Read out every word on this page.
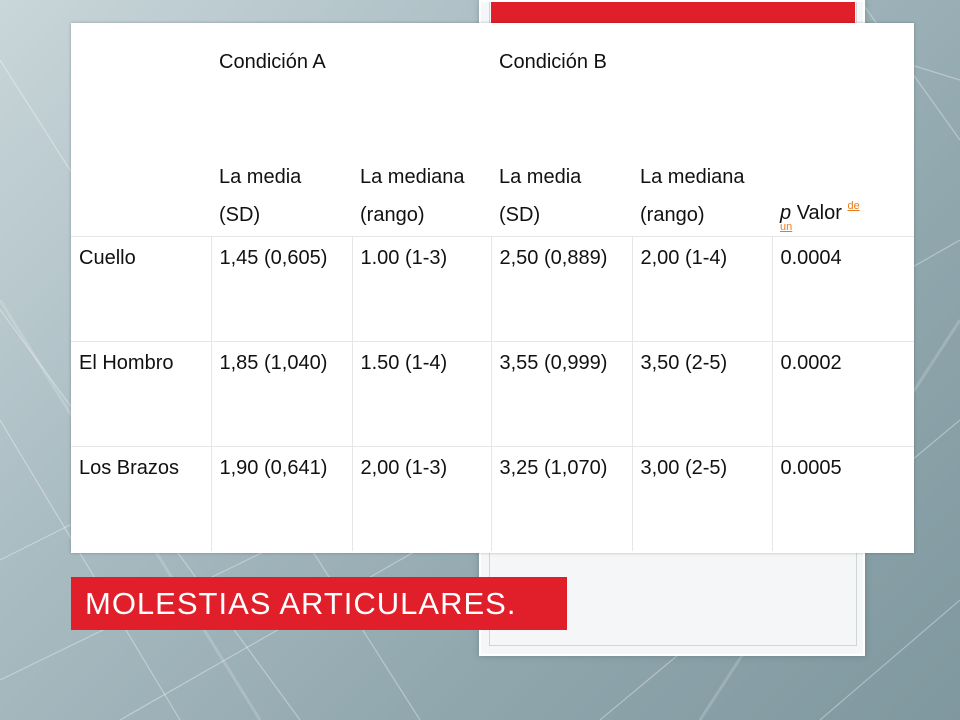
	Condición A		Condición B		
	La media (SD)	La mediana (rango)	La media (SD)	La mediana (rango)	p Valor de
un

Cuello	1,45 (0,605)	1.00 (1-3)	2,50 (0,889)	2,00 (1-4)	0.0004
El Hombro	1,85 (1,040)	1.50 (1-4)	3,55 (0,999)	3,50 (2-5)	0.0002
Los Brazos	1,90 (0,641)	2,00 (1-3)	3,25 (1,070)	3,00 (2-5)	0.0005
MOLESTIAS ARTICULARES.
